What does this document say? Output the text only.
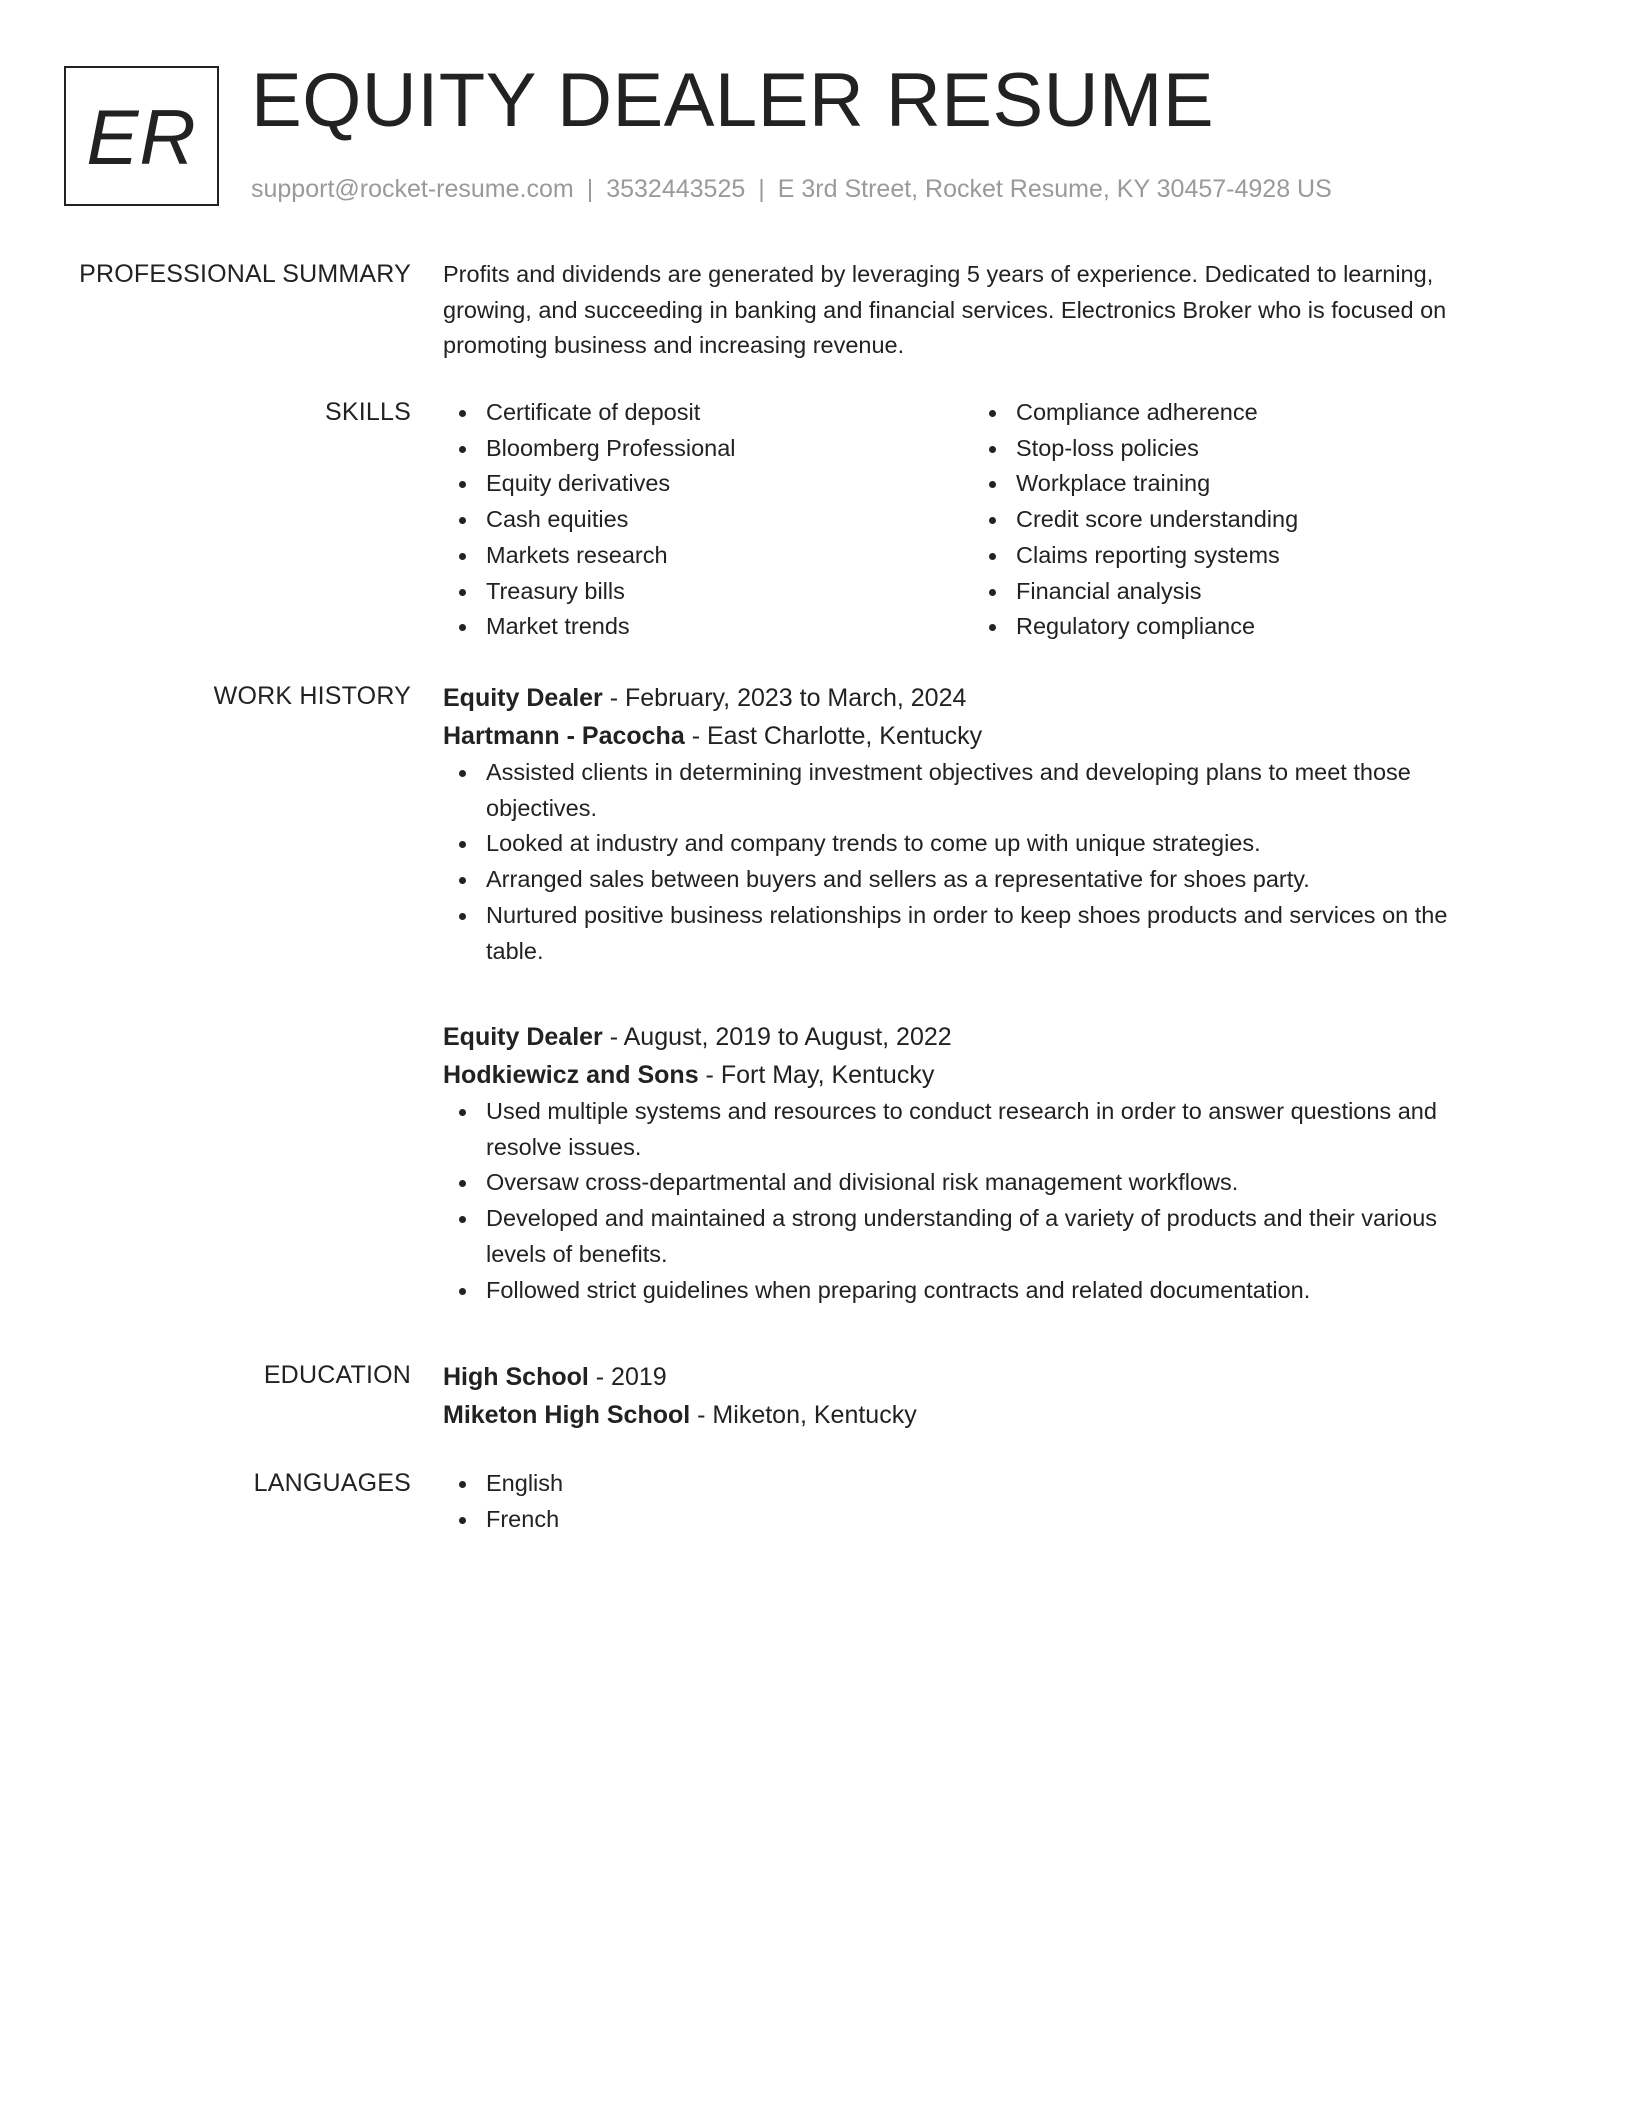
ER EQUITY DEALER RESUME
support@rocket-resume.com | 3532443525 | E 3rd Street, Rocket Resume, KY 30457-4928 US
PROFESSIONAL SUMMARY Profits and dividends are generated by leveraging 5 years of experience. Dedicated to learning, growing, and succeeding in banking and financial services. Electronics Broker who is focused on promoting business and increasing revenue.

SKILLS	Certificate of deposit
Bloomberg Professional
Equity derivatives
Cash equities
Markets research
Treasury bills
Market trends
Compliance adherence
Stop-loss policies
Workplace training
Credit score understanding
Claims reporting systems
Financial analysis
Regulatory compliance
WORK HISTORY Equity Dealer - February, 2023 to March, 2024
Hartmann - Pacocha - East Charlotte, Kentucky
Assisted clients in determining investment objectives and developing plans to meet those objectives.
Looked at industry and company trends to come up with unique strategies.
Arranged sales between buyers and sellers as a representative for shoes party.
Nurtured positive business relationships in order to keep shoes products and services on the table.
Equity Dealer - August, 2019 to August, 2022
Hodkiewicz and Sons - Fort May, Kentucky
Used multiple systems and resources to conduct research in order to answer questions and resolve issues.
Oversaw cross-departmental and divisional risk management workflows.
Developed and maintained a strong understanding of a variety of products and their various levels of benefits.
Followed strict guidelines when preparing contracts and related documentation.
EDUCATION High School - 2019
Miketon High School - Miketon, Kentucky
LANGUAGES	English
French
